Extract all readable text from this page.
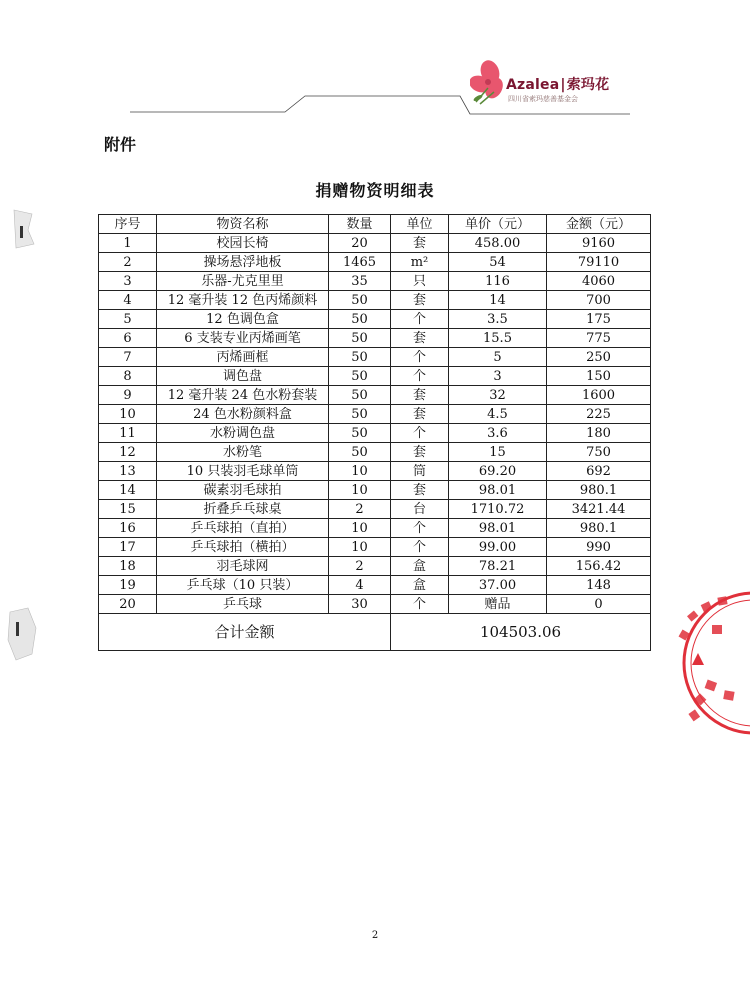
Azalea|索玛花
四川省索玛慈善基金会
附件
捐赠物资明细表
序号	物资名称	数量	单位	单价（元）	金额（元）
1	校园长椅	20	套	458.00	9160
2	操场悬浮地板	1465	m²	54	79110
3	乐器-尤克里里	35	只	116	4060
4	12 毫升装 12 色丙烯颜料	50	套	14	700
5	12 色调色盒	50	个	3.5	175
6	6 支装专业丙烯画笔	50	套	15.5	775
7	丙烯画框	50	个	5	250
8	调色盘	50	个	3	150
9	12 毫升装 24 色水粉套装	50	套	32	1600
10	24 色水粉颜料盒	50	套	4.5	225
11	水粉调色盘	50	个	3.6	180
12	水粉笔	50	套	15	750
13	10 只装羽毛球单筒	10	筒	69.20	692
14	碳素羽毛球拍	10	套	98.01	980.1
15	折叠乒乓球桌	2	台	1710.72	3421.44
16	乒乓球拍（直拍）	10	个	98.01	980.1
17	乒乓球拍（横拍）	10	个	99.00	990
18	羽毛球网	2	盒	78.21	156.42
19	乒乓球（10 只装）	4	盒	37.00	148
20	乒乓球	30	个	赠品	0
合计金额			104503.06		
2
